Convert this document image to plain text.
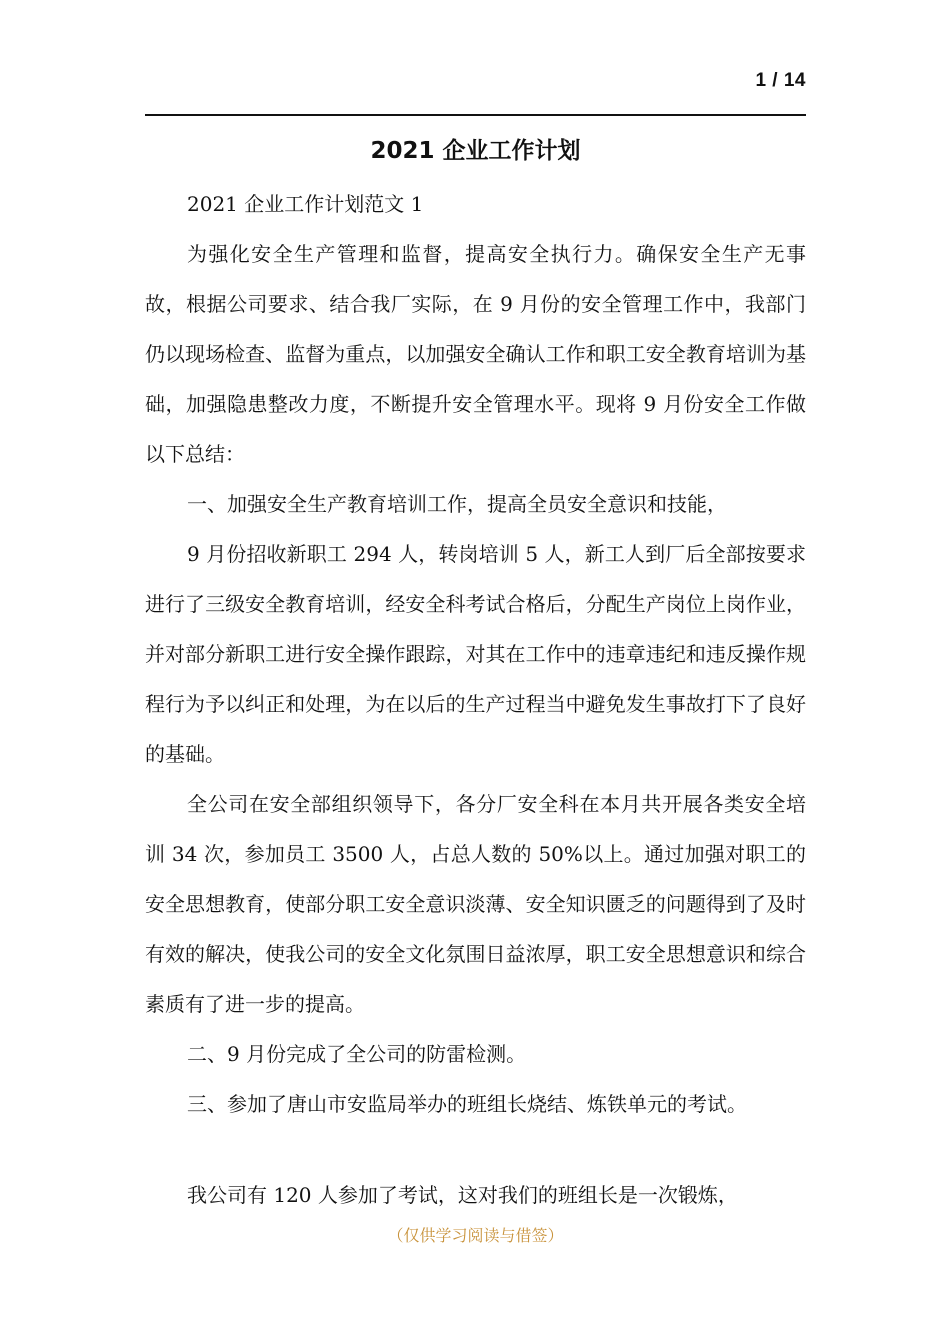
1 / 14
2021 企业工作计划

2021 企业工作计划范文 1

为强化安全生产管理和监督，提高安全执行力。确保安全生产无事故，根据公司要求、结合我厂实际，在 9 月份的安全管理工作中，我部门仍以现场检查、监督为重点，以加强安全确认工作和职工安全教育培训为基础，加强隐患整改力度，不断提升安全管理水平。现将 9 月份安全工作做以下总结：

一、加强安全生产教育培训工作，提高全员安全意识和技能，

9 月份招收新职工 294 人，转岗培训 5 人，新工人到厂后全部按要求进行了三级安全教育培训，经安全科考试合格后，分配生产岗位上岗作业，并对部分新职工进行安全操作跟踪，对其在工作中的违章违纪和违反操作规程行为予以纠正和处理，为在以后的生产过程当中避免发生事故打下了良好的基础。

全公司在安全部组织领导下，各分厂安全科在本月共开展各类安全培训 34 次，参加员工 3500 人，占总人数的 50%以上。通过加强对职工的安全思想教育，使部分职工安全意识淡薄、安全知识匮乏的问题得到了及时有效的解决，使我公司的安全文化氛围日益浓厚，职工安全思想意识和综合素质有了进一步的提高。

二、9 月份完成了全公司的防雷检测。

三、参加了唐山市安监局举办的班组长烧结、炼铁单元的考试。

我公司有 120 人参加了考试，这对我们的班组长是一次锻炼，

（仅供学习阅读与借签）
